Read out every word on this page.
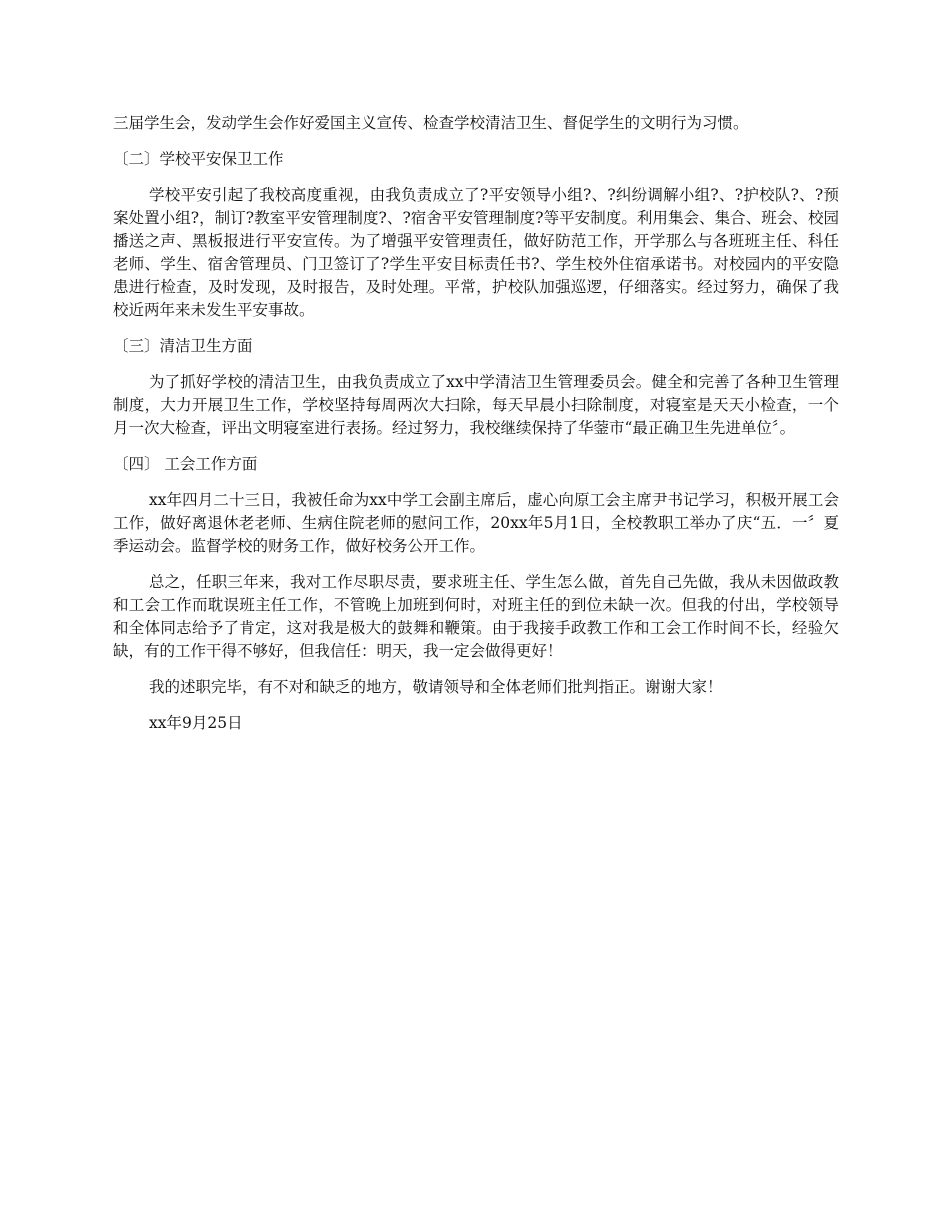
三届学生会，发动学生会作好爱国主义宣传、检查学校清洁卫生、督促学生的文明行为习惯。

〔二〕学校平安保卫工作

学校平安引起了我校高度重视，由我负责成立了?平安领导小组?、?纠纷调解小组?、?护校队?、?预案处置小组?，制订?教室平安管理制度?、?宿舍平安管理制度?等平安制度。利用集会、集合、班会、校园播送之声、黑板报进行平安宣传。为了增强平安管理责任，做好防范工作，开学那么与各班班主任、科任老师、学生、宿舍管理员、门卫签订了?学生平安目标责任书?、学生校外住宿承诺书。对校园内的平安隐患进行检查，及时发现，及时报告，及时处理。平常，护校队加强巡逻，仔细落实。经过努力，确保了我校近两年来未发生平安事故。

〔三〕清洁卫生方面

为了抓好学校的清洁卫生，由我负责成立了xx中学清洁卫生管理委员会。健全和完善了各种卫生管理制度，大力开展卫生工作，学校坚持每周两次大扫除，每天早晨小扫除制度，对寝室是天天小检查，一个月一次大检查，评出文明寝室进行表扬。经过努力，我校继续保持了华蓥市“最正确卫生先进单位〞。

〔四〕 工会工作方面

xx年四月二十三日，我被任命为xx中学工会副主席后，虚心向原工会主席尹书记学习，积极开展工会工作，做好离退休老老师、生病住院老师的慰问工作，20xx年5月1日，全校教职工举办了庆“五．一〞夏季运动会。监督学校的财务工作，做好校务公开工作。

总之，任职三年来，我对工作尽职尽责，要求班主任、学生怎么做，首先自己先做，我从未因做政教和工会工作而耽误班主任工作，不管晚上加班到何时，对班主任的到位未缺一次。但我的付出，学校领导和全体同志给予了肯定，这对我是极大的鼓舞和鞭策。由于我接手政教工作和工会工作时间不长，经验欠缺，有的工作干得不够好，但我信任：明天，我一定会做得更好！

我的述职完毕，有不对和缺乏的地方，敬请领导和全体老师们批判指正。谢谢大家！

xx年9月25日
